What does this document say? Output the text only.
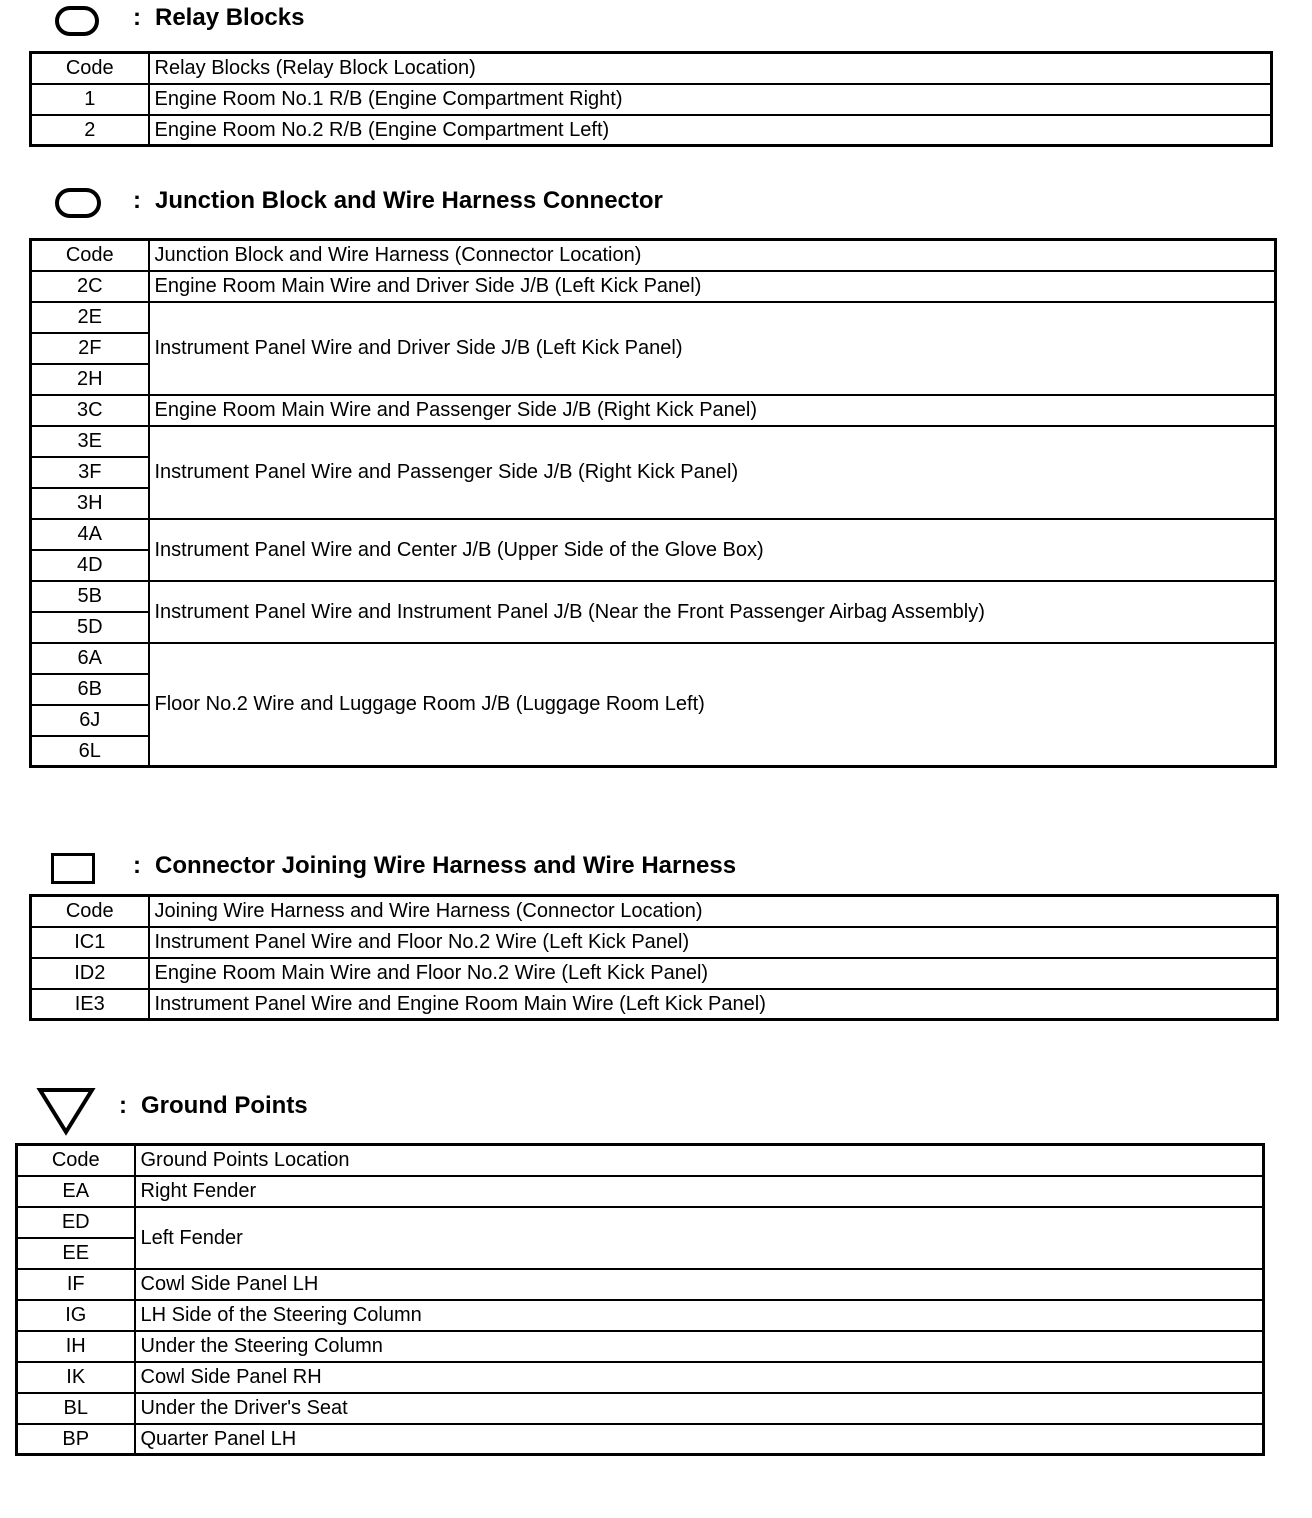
: Relay Blocks
Code	Relay Blocks (Relay Block Location)
1	Engine Room No.1 R/B (Engine Compartment Right)
2	Engine Room No.2 R/B (Engine Compartment Left)
: Junction Block and Wire Harness Connector
Code	Junction Block and Wire Harness (Connector Location)
2C	Engine Room Main Wire and Driver Side J/B (Left Kick Panel)
2E	Instrument Panel Wire and Driver Side J/B (Left Kick Panel)
2F	
2H	
3C	Engine Room Main Wire and Passenger Side J/B (Right Kick Panel)
3E	Instrument Panel Wire and Passenger Side J/B (Right Kick Panel)
3F	
3H	
4A	Instrument Panel Wire and Center J/B (Upper Side of the Glove Box)
4D	
5B	Instrument Panel Wire and Instrument Panel J/B (Near the Front Passenger Airbag Assembly)
5D	
6A	Floor No.2 Wire and Luggage Room J/B (Luggage Room Left)
6B	
6J	
6L	
: Connector Joining Wire Harness and Wire Harness
Code	Joining Wire Harness and Wire Harness (Connector Location)
IC1	Instrument Panel Wire and Floor No.2 Wire (Left Kick Panel)
ID2	Engine Room Main Wire and Floor No.2 Wire (Left Kick Panel)
IE3	Instrument Panel Wire and Engine Room Main Wire (Left Kick Panel)
: Ground Points
Code	Ground Points Location
EA	Right Fender
ED	Left Fender
EE	
IF	Cowl Side Panel LH
IG	LH Side of the Steering Column
IH	Under the Steering Column
IK	Cowl Side Panel RH
BL	Under the Driver's Seat
BP	Quarter Panel LH
